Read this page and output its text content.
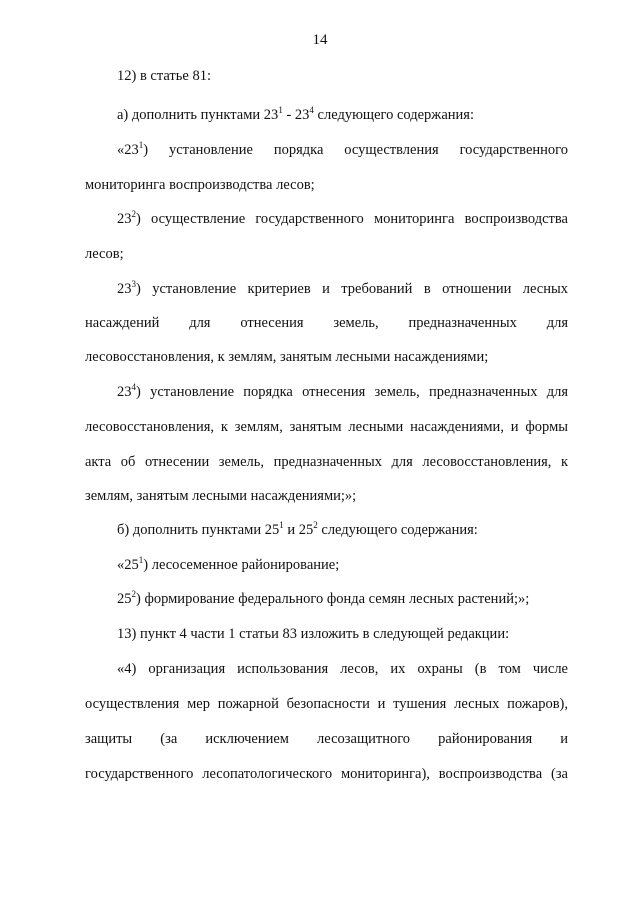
14
12) в статье 81:
а) дополнить пунктами $23^1 - 23^4$ следующего содержания:
«$23^1$) установление порядка осуществления государственного
мониторинга воспроизводства лесов;
$23^2$) осуществление государственного мониторинга воспроизводства
лесов;
$23^3$) установление критериев и требований в отношении лесных
насаждений для отнесения земель, предназначенных для
лесовосстановления, к землям, занятым лесными насаждениями;
$23^4$) установление порядка отнесения земель, предназначенных для
лесовосстановления, к землям, занятым лесными насаждениями, и формы
акта об отнесении земель, предназначенных для лесовосстановления, к
землям, занятым лесными насаждениями;»;
б) дополнить пунктами $25^1$ и $25^2$ следующего содержания:
«$25^1$) лесосеменное районирование;
$25^2$) формирование федерального фонда семян лесных растений;»;
13) пункт 4 части 1 статьи 83 изложить в следующей редакции:
«4) организация использования лесов, их охраны (в том числе
осуществления мер пожарной безопасности и тушения лесных пожаров),
защиты (за исключением лесозащитного районирования и
государственного лесопатологического мониторинга), воспроизводства (за
